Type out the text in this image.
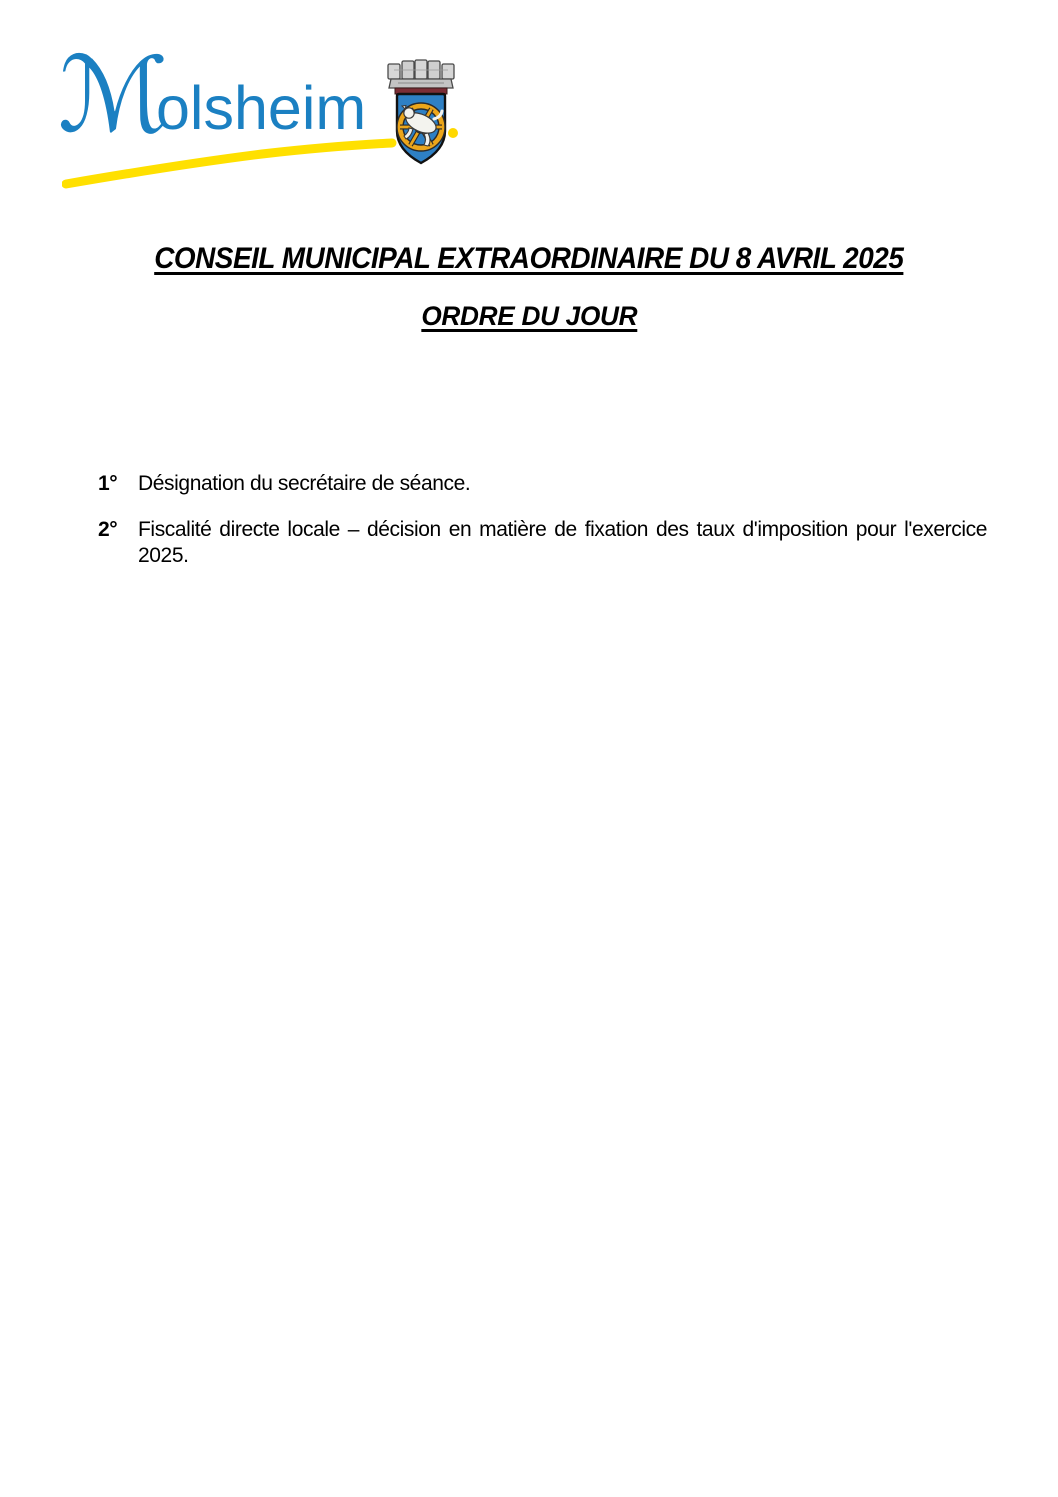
ℳ
olsheim
CONSEIL MUNICIPAL EXTRAORDINAIRE DU 8 AVRIL 2025
ORDRE DU JOUR
1° Désignation du secrétaire de séance.
2° Fiscalité directe locale – décision en matière de fixation des taux d'imposition pour l'exercice
2025.
